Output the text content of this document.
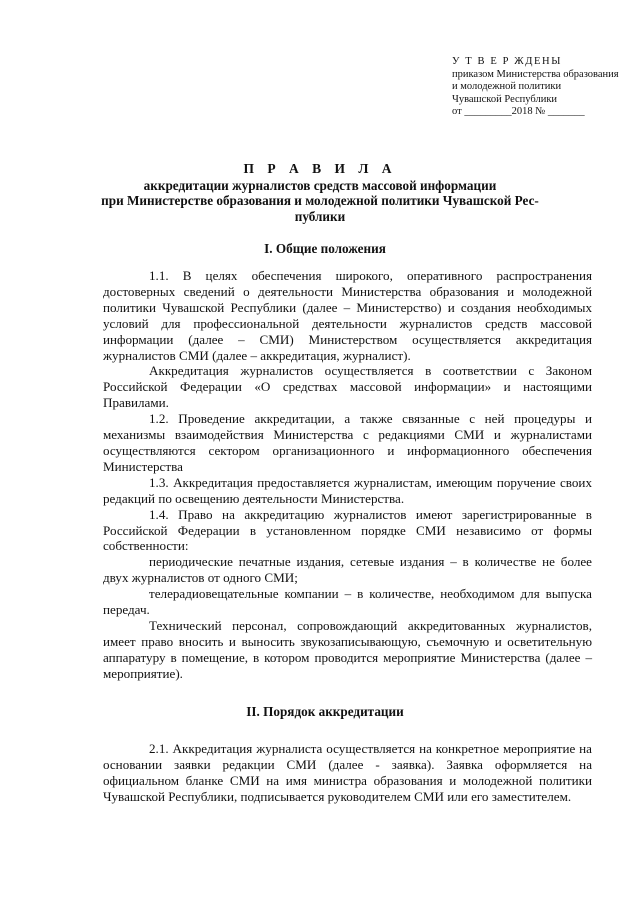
У Т В Е Р ЖДЕНЫ
приказом Министерства образования
и молодежной политики
Чувашской Республики
от _________2018 № _______
П Р А В И Л А
аккредитации журналистов средств массовой информации
при Министерстве образования и молодежной политики Чувашской Рес-
публики
I. Общие положения

1.1. В целях обеспечения широкого, оперативного распространения достоверных сведений о деятельности Министерства образования и молодежной политики Чувашской Республики (далее – Министерство) и создания необходимых условий для профессиональной деятельности журналистов средств массовой информации (далее – СМИ) Министерством осуществляется аккредитация журналистов СМИ (далее – аккредитация, журналист).

Аккредитация журналистов осуществляется в соответствии с Законом Российской Федерации «О средствах массовой информации» и настоящими Правилами.

1.2. Проведение аккредитации, а также связанные с ней процедуры и механизмы взаимодействия Министерства с редакциями СМИ и журналистами осуществляются сектором организационного и информационного обеспечения Министерства

1.3. Аккредитация предоставляется журналистам, имеющим поручение своих редакций по освещению деятельности Министерства.

1.4. Право на аккредитацию журналистов имеют зарегистрированные в Российской Федерации в установленном порядке СМИ независимо от формы собственности:

периодические печатные издания, сетевые издания – в количестве не более двух журналистов от одного СМИ;

телерадиовещательные компании – в количестве, необходимом для выпуска передач.

Технический персонал, сопровождающий аккредитованных журналистов, имеет право вносить и выносить звукозаписывающую, съемочную и осветительную аппаратуру в помещение, в котором проводится мероприятие Министерства (далее – мероприятие).

II. Порядок аккредитации

2.1. Аккредитация журналиста осуществляется на конкретное мероприятие на основании заявки редакции СМИ (далее - заявка). Заявка оформляется на официальном бланке СМИ на имя министра образования и молодежной политики Чувашской Республики, подписывается руководителем СМИ или его заместителем.
